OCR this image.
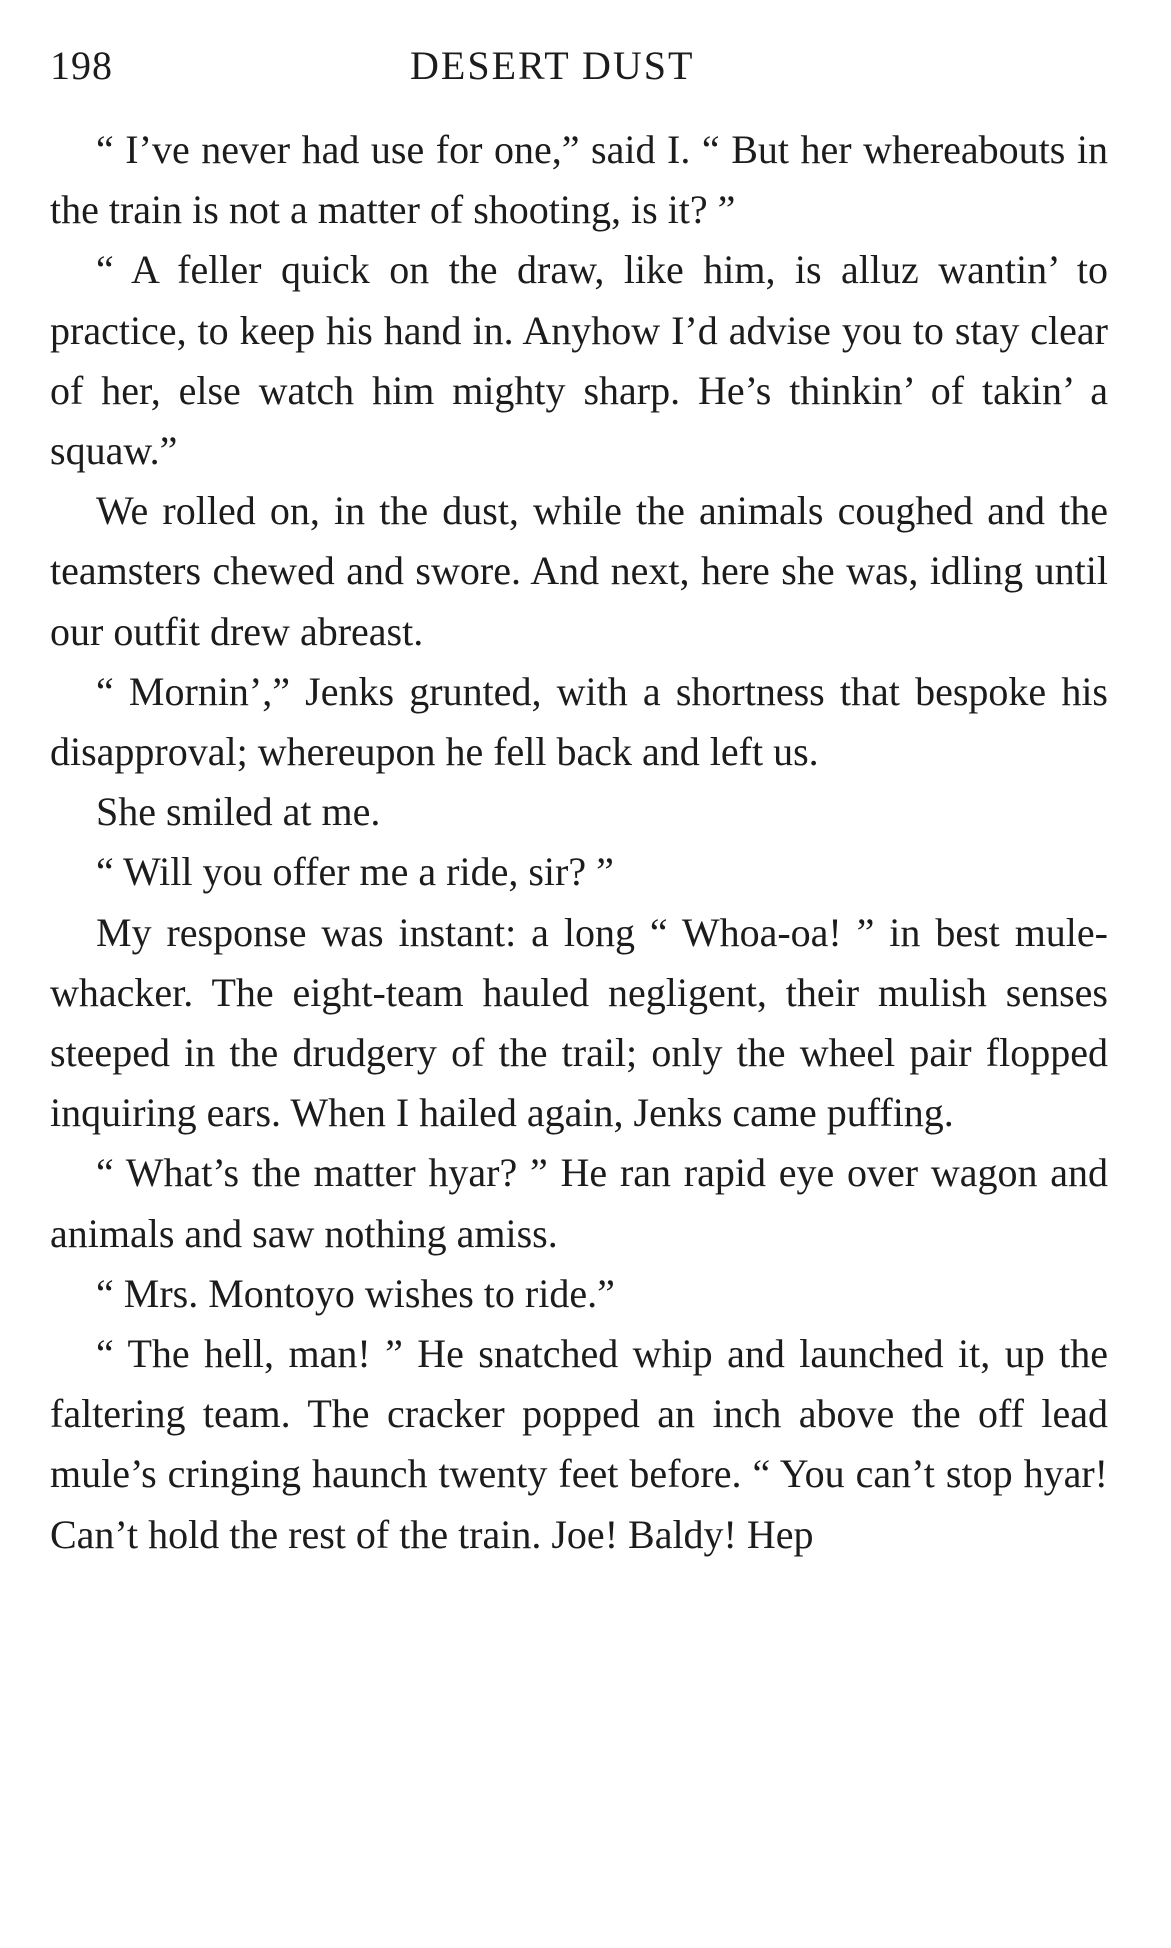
198	DESERT DUST

“ I’ve never had use for one,” said I. “ But her whereabouts in the train is not a matter of shooting, is it? ”

“ A feller quick on the draw, like him, is alluz wantin’ to practice, to keep his hand in. Anyhow I’d advise you to stay clear of her, else watch him mighty sharp. He’s thinkin’ of takin’ a squaw.”

We rolled on, in the dust, while the animals coughed and the teamsters chewed and swore. And next, here she was, idling until our outfit drew abreast.

“ Mornin’,” Jenks grunted, with a shortness that bespoke his disapproval; whereupon he fell back and left us.

She smiled at me.

“ Will you offer me a ride, sir? ”

My response was instant: a long “ Whoa-oa! ” in best mule-whacker. The eight-team hauled negligent, their mulish senses steeped in the drudgery of the trail; only the wheel pair flopped inquiring ears. When I hailed again, Jenks came puffing.

“ What’s the matter hyar? ” He ran rapid eye over wagon and animals and saw nothing amiss.

“ Mrs. Montoyo wishes to ride.”

“ The hell, man! ” He snatched whip and launched it, up the faltering team. The cracker popped an inch above the off lead mule’s cringing haunch twenty feet before. “ You can’t stop hyar! Can’t hold the rest of the train. Joe! Baldy! Hep
